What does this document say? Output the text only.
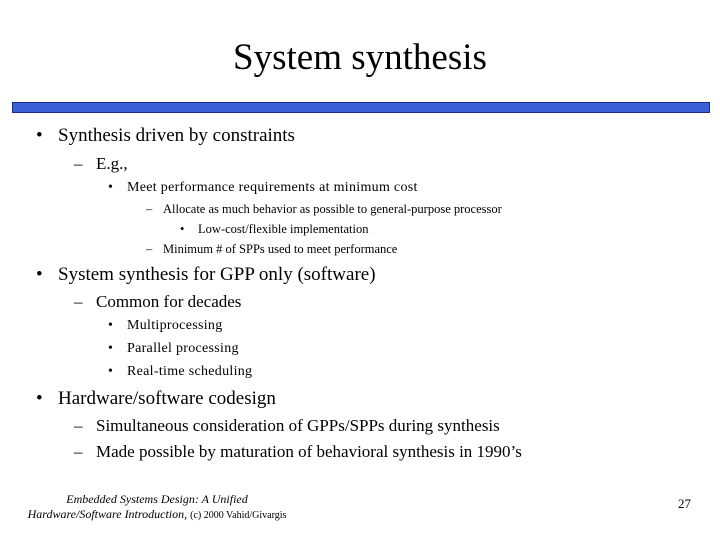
System synthesis
• Synthesis driven by constraints
– E.g.,
• Meet performance requirements at minimum cost
– Allocate as much behavior as possible to general-purpose processor
• Low-cost/flexible implementation
– Minimum # of SPPs used to meet performance
• System synthesis for GPP only (software)
– Common for decades
• Multiprocessing
• Parallel processing
• Real-time scheduling
• Hardware/software codesign
– Simultaneous consideration of GPPs/SPPs during synthesis
– Made possible by maturation of behavioral synthesis in 1990’s
Embedded Systems Design: A Unified
Hardware/Software Introduction, (c) 2000 Vahid/Givargis
27
